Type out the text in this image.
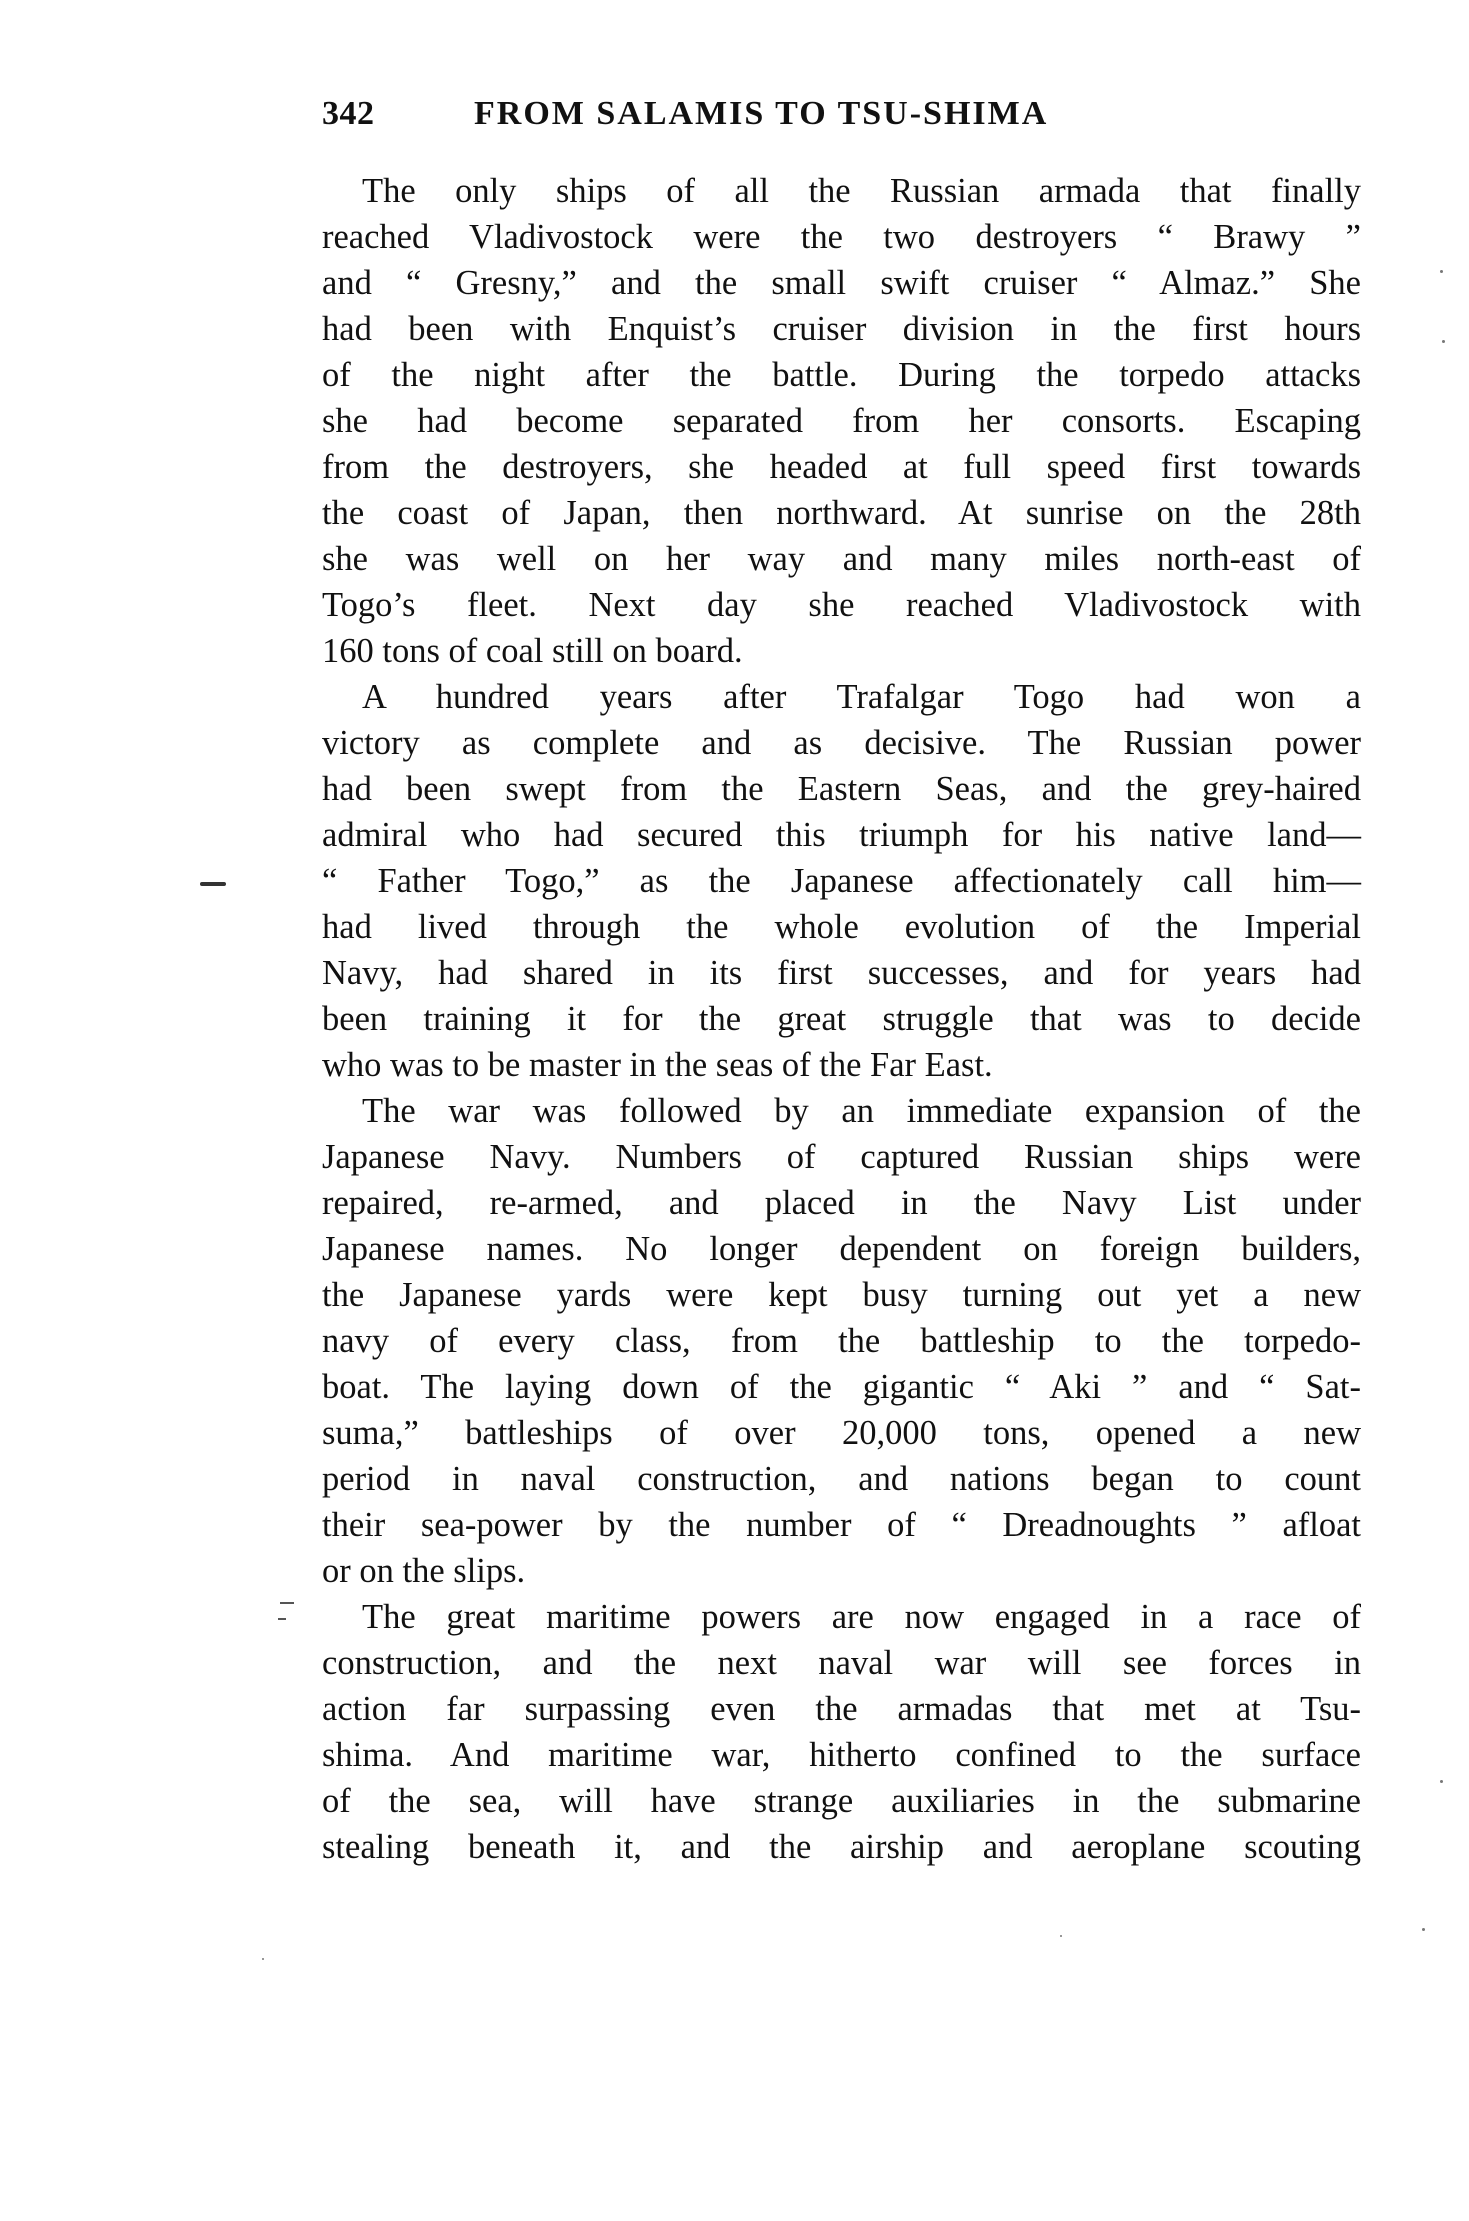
342	FROM SALAMIS TO TSU-SHIMA

The only ships of all the Russian armada that finally
reached Vladivostock were the two destroyers “ Brawy ”
and “ Gresny,” and the small swift cruiser “ Almaz.” She
had been with Enquist’s cruiser division in the first hours
of the night after the battle. During the torpedo attacks
she had become separated from her consorts. Escaping
from the destroyers, she headed at full speed first towards
the coast of Japan, then northward. At sunrise on the 28th
she was well on her way and many miles north-east of
Togo’s fleet. Next day she reached Vladivostock with
160 tons of coal still on board.

A hundred years after Trafalgar Togo had won a
victory as complete and as decisive. The Russian power
had been swept from the Eastern Seas, and the grey-haired
admiral who had secured this triumph for his native land—
“ Father Togo,” as the Japanese affectionately call him—
had lived through the whole evolution of the Imperial
Navy, had shared in its first successes, and for years had
been training it for the great struggle that was to decide
who was to be master in the seas of the Far East.

The war was followed by an immediate expansion of the
Japanese Navy. Numbers of captured Russian ships were
repaired, re-armed, and placed in the Navy List under
Japanese names. No longer dependent on foreign builders,
the Japanese yards were kept busy turning out yet a new
navy of every class, from the battleship to the torpedo-
boat. The laying down of the gigantic “ Aki ” and “ Sat-
suma,” battleships of over 20,000 tons, opened a new
period in naval construction, and nations began to count
their sea-power by the number of “ Dreadnoughts ” afloat
or on the slips.

The great maritime powers are now engaged in a race of
construction, and the next naval war will see forces in
action far surpassing even the armadas that met at Tsu-
shima. And maritime war, hitherto confined to the surface
of the sea, will have strange auxiliaries in the submarine
stealing beneath it, and the airship and aeroplane scouting
